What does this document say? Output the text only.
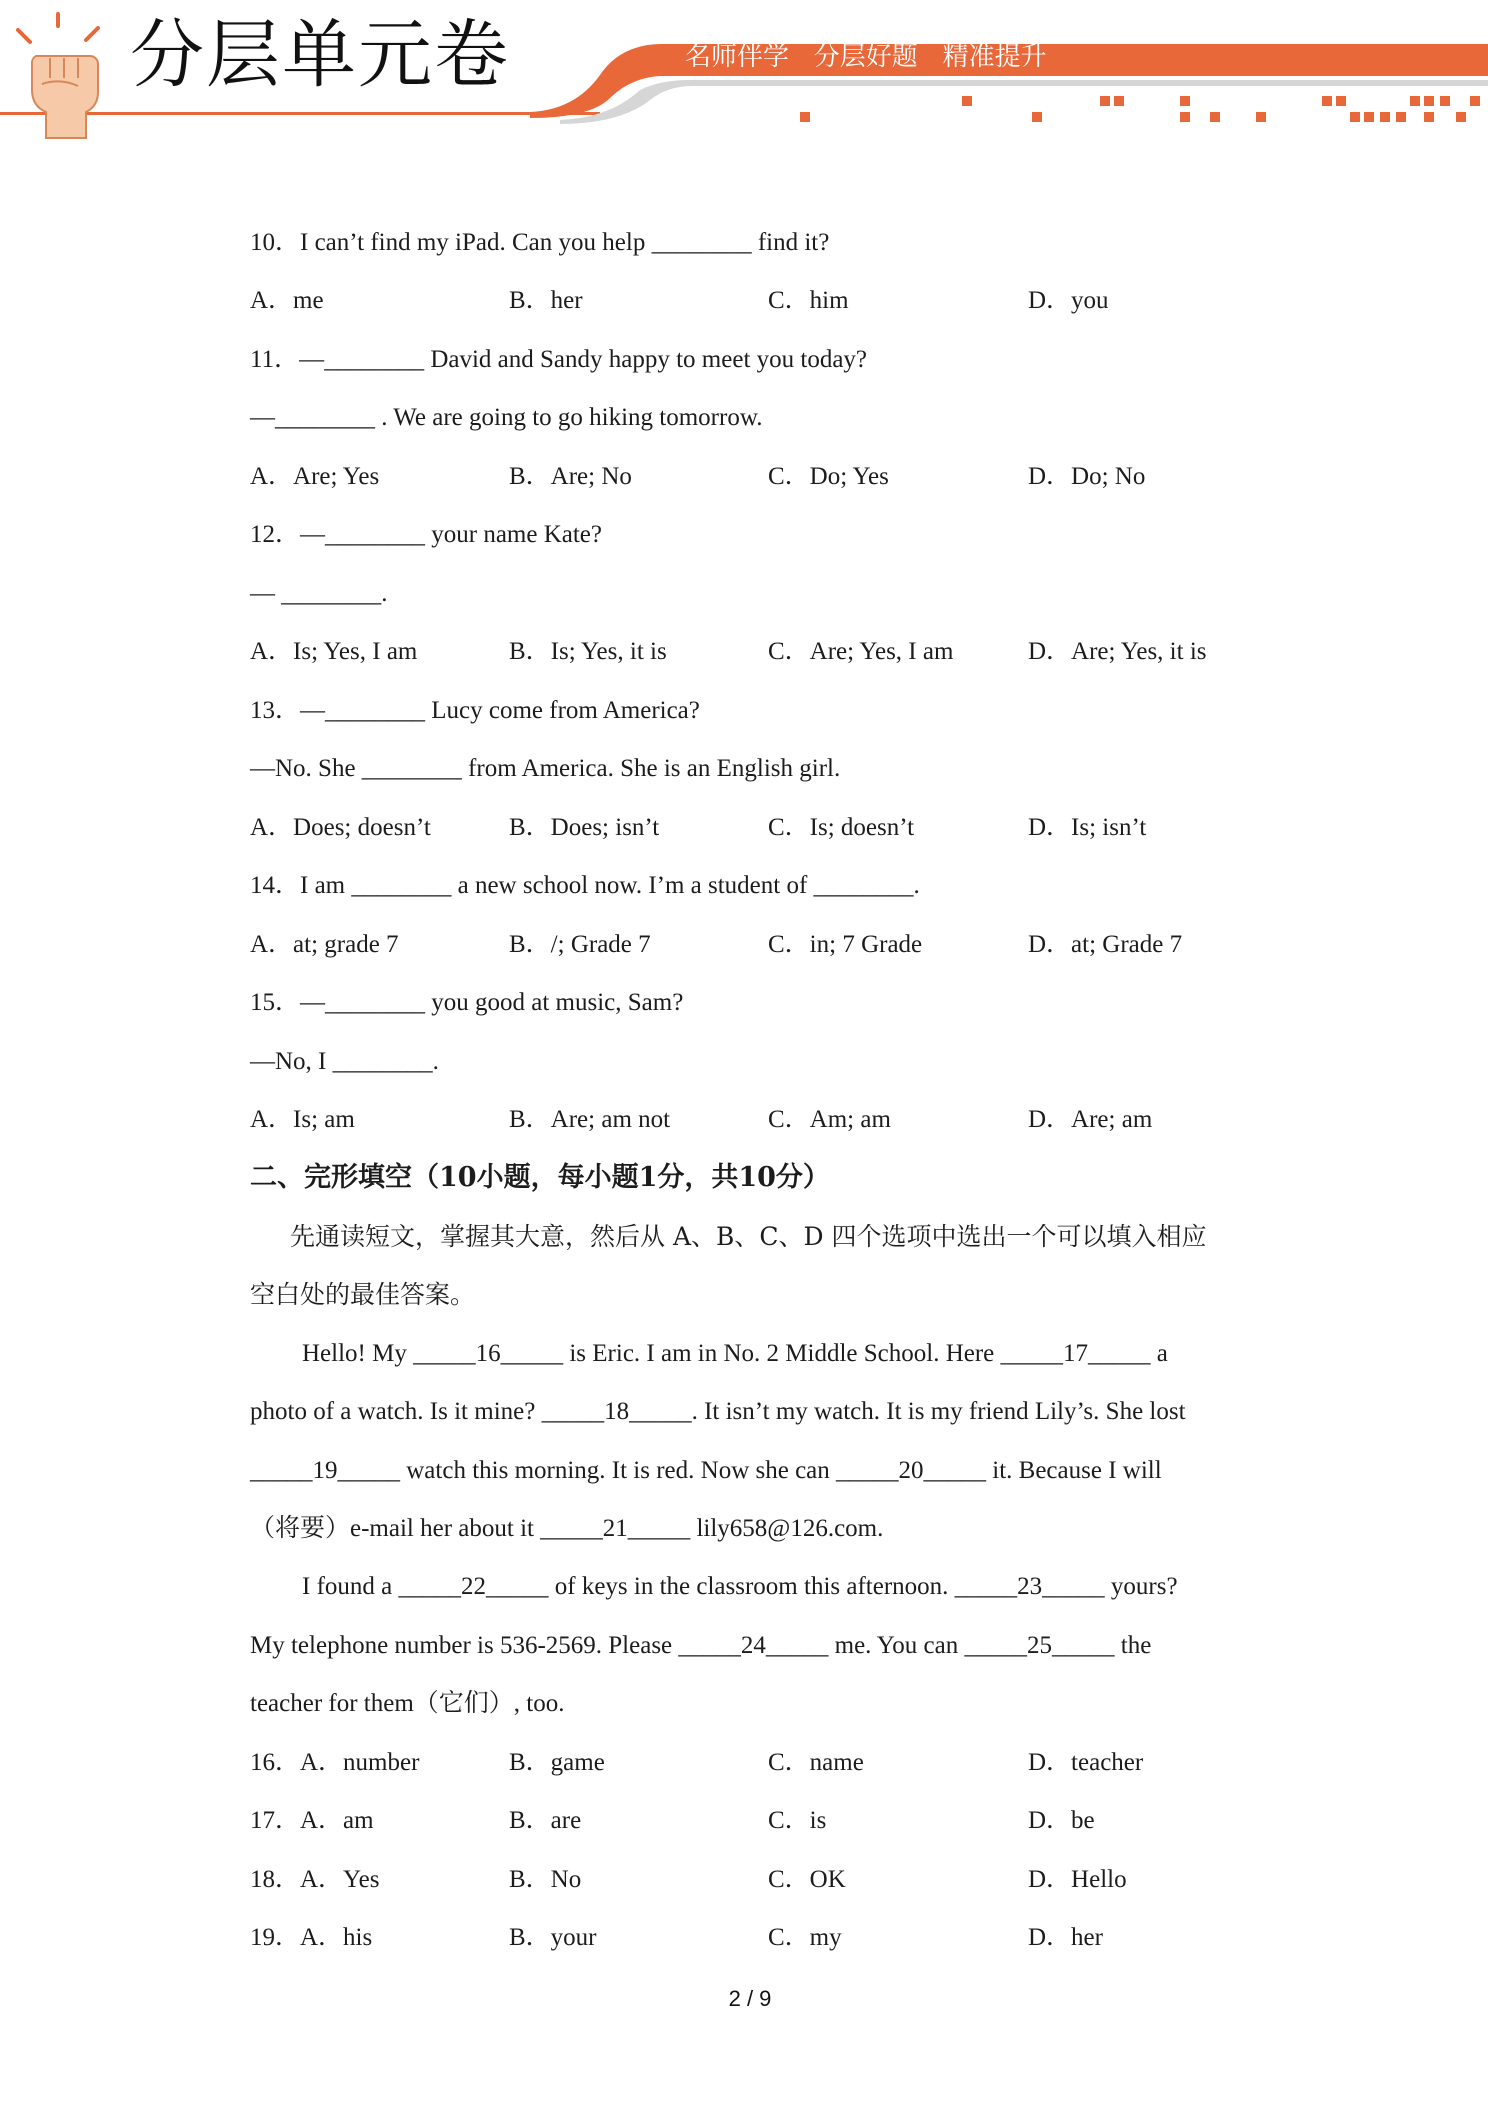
分层单元卷	名师伴学   分层好题   精准提升
10．I can’t find my iPad. Can you help ________ find it?
A．me	B．her	C．him	D．you
11．—________ David and Sandy happy to meet you today?
—________ . We are going to go hiking tomorrow.
A．Are; Yes	B．Are; No	C．Do; Yes	D．Do; No
12．—________ your name Kate?
— ________.
A．Is; Yes, I am	B．Is; Yes, it is	C．Are; Yes, I am	D．Are; Yes, it is
13．—________ Lucy come from America?
—No. She ________ from America. She is an English girl.
A．Does; doesn’t	B．Does; isn’t	C．Is; doesn’t	D．Is; isn’t
14．I am ________ a new school now. I’m a student of ________.
A．at; grade 7	B．/; Grade 7	C．in; 7 Grade	D．at; Grade 7
15．—________ you good at music, Sam?
—No, I ________.
A．Is; am	B．Are; am not	C．Am; am	D．Are; am
二、完形填空（10小题，每小题1分，共10分）
先通读短文，掌握其大意，然后从 A、B、C、D 四个选项中选出一个可以填入相应
空白处的最佳答案。
Hello! My _____16_____ is Eric. I am in No. 2 Middle School. Here _____17_____ a
photo of a watch. Is it mine? _____18_____. It isn’t my watch. It is my friend Lily’s. She lost
_____19_____ watch this morning. It is red. Now she can _____20_____ it. Because I will
（将要）e-mail her about it _____21_____ lily658@126.com.
I found a _____22_____ of keys in the classroom this afternoon. _____23_____ yours?
My telephone number is 536-2569. Please _____24_____ me. You can _____25_____ the
teacher for them（它们）, too.
16．A．number	B．game	C．name	D．teacher
17．A．am	B．are	C．is	D．be
18．A．Yes	B．No	C．OK	D．Hello
19．A．his	B．your	C．my	D．her
2 / 9
